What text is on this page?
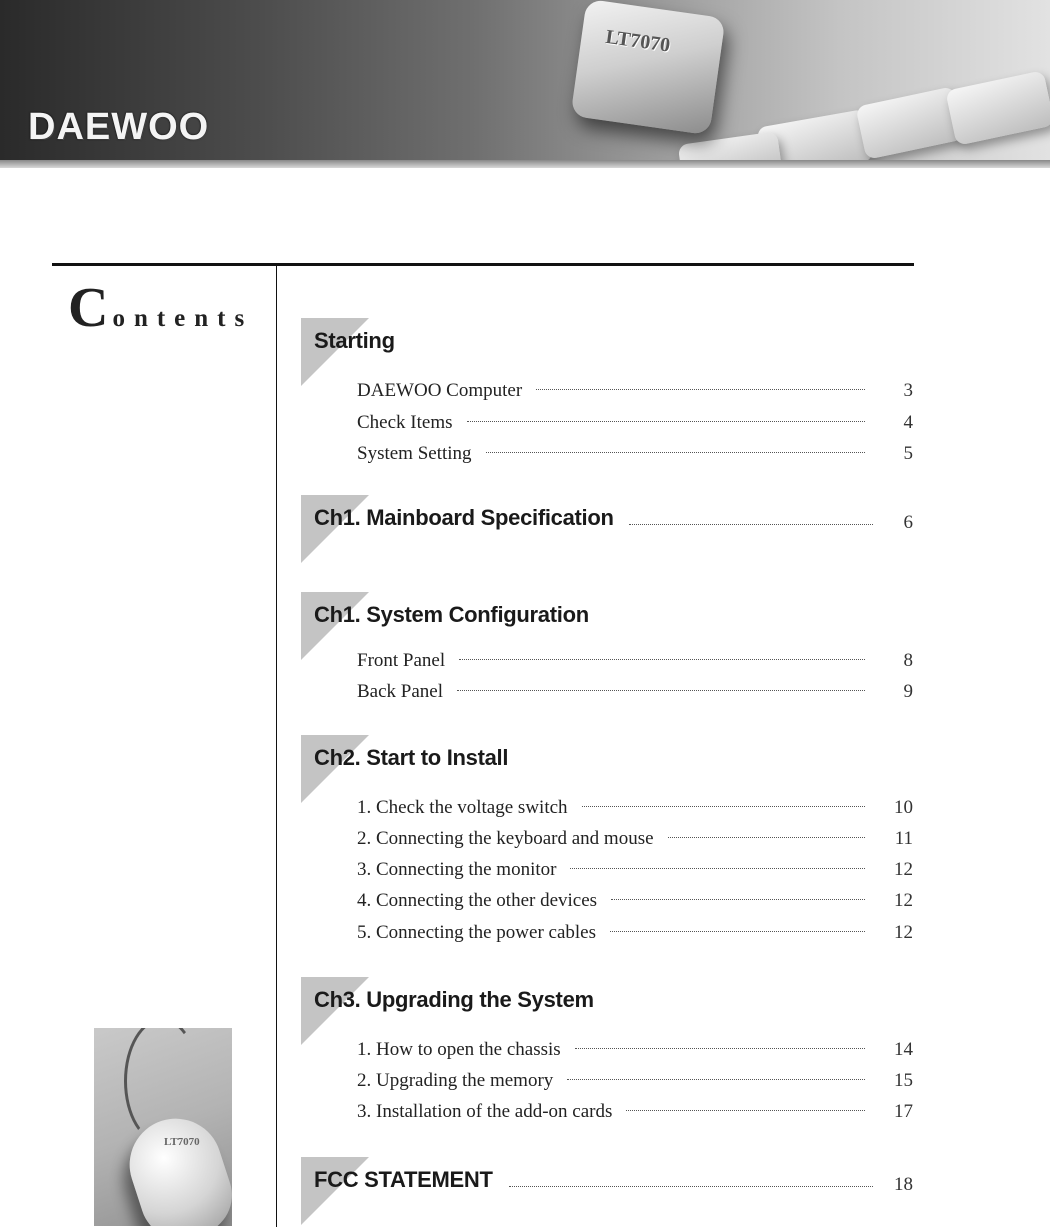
LT7070
DAEWOO
Contents
LT7070
Starting
DAEWOO Computer	3
Check Items	4
System Setting	5
Ch1. Mainboard Specification	6
Ch1. System Configuration
Front Panel	8
Back Panel	9
Ch2. Start to Install
1. Check the voltage switch	10
2. Connecting the keyboard and mouse	11
3. Connecting the monitor	12
4. Connecting the other devices	12
5. Connecting the power cables	12
Ch3. Upgrading the System
1. How to open the chassis	14
2. Upgrading the memory	15
3. Installation of the add-on cards	17
FCC STATEMENT	18
